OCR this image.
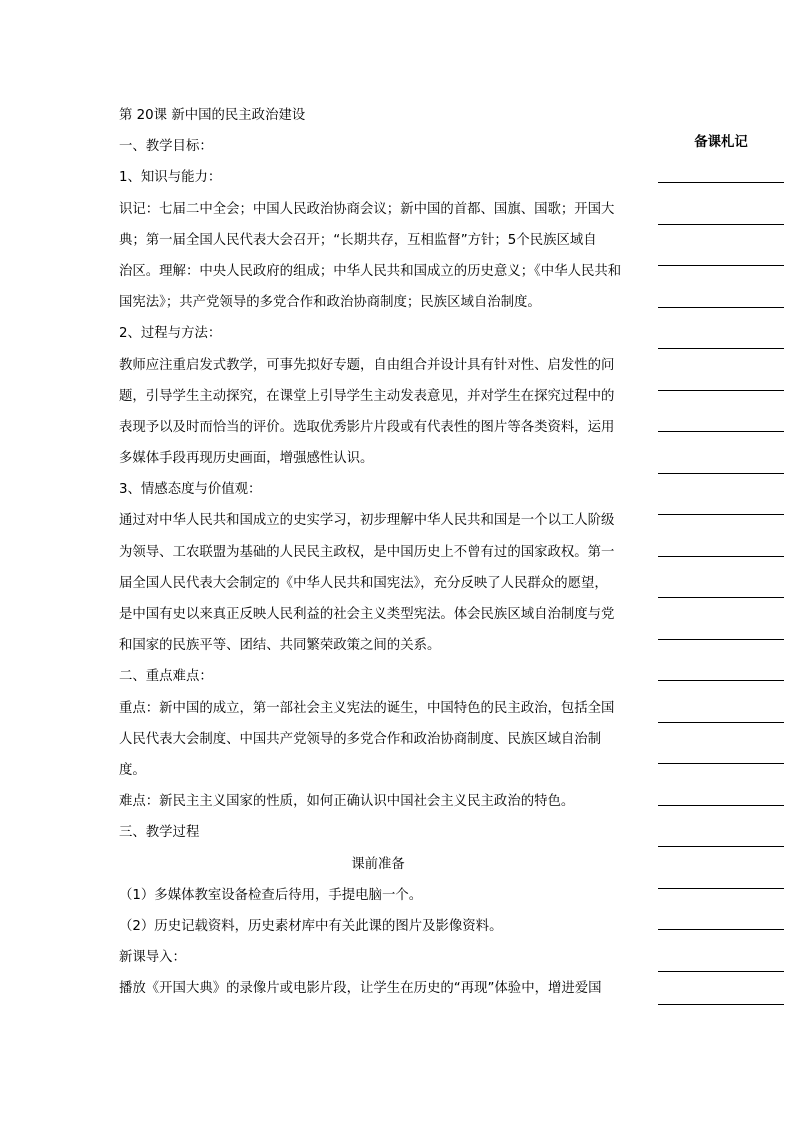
第 20课 新中国的民主政治建设
一、教学目标：
1、知识与能力：
识记：七届二中全会；中国人民政治协商会议；新中国的首都、国旗、国歌；开国大
典；第一届全国人民代表大会召开；“长期共存，互相监督”方针；5个民族区域自
治区。理解：中央人民政府的组成；中华人民共和国成立的历史意义；《中华人民共和
国宪法》；共产党领导的多党合作和政治协商制度；民族区域自治制度。
2、过程与方法：
教师应注重启发式教学，可事先拟好专题，自由组合并设计具有针对性、启发性的问
题，引导学生主动探究，在课堂上引导学生主动发表意见，并对学生在探究过程中的
表现予以及时而恰当的评价。选取优秀影片片段或有代表性的图片等各类资料，运用
多媒体手段再现历史画面，增强感性认识。
3、情感态度与价值观：
通过对中华人民共和国成立的史实学习，初步理解中华人民共和国是一个以工人阶级
为领导、工农联盟为基础的人民民主政权，是中国历史上不曾有过的国家政权。第一
届全国人民代表大会制定的《中华人民共和国宪法》，充分反映了人民群众的愿望，
是中国有史以来真正反映人民利益的社会主义类型宪法。体会民族区域自治制度与党
和国家的民族平等、团结、共同繁荣政策之间的关系。
二、重点难点：
重点：新中国的成立，第一部社会主义宪法的诞生，中国特色的民主政治，包括全国
人民代表大会制度、中国共产党领导的多党合作和政治协商制度、民族区域自治制
度。
难点：新民主主义国家的性质，如何正确认识中国社会主义民主政治的特色。
三、教学过程
课前准备
（1）多媒体教室设备检查后待用，手提电脑一个。
（2）历史记载资料，历史素材库中有关此课的图片及影像资料。
新课导入：
播放《开国大典》的录像片或电影片段，让学生在历史的“再现”体验中，增进爱国
备课札记
